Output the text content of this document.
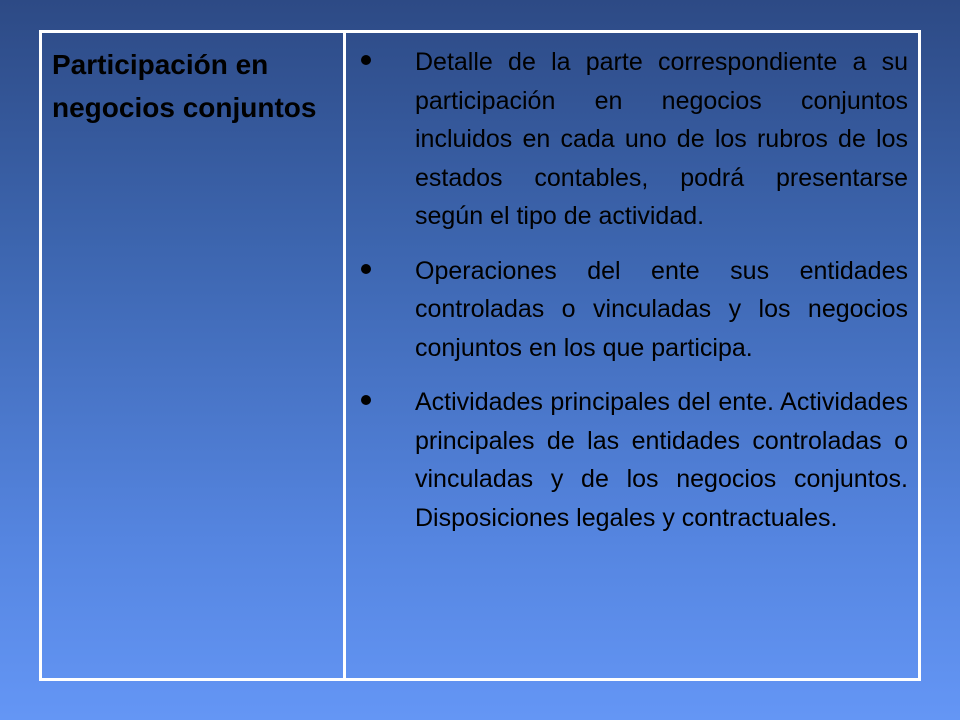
Participación en negocios conjuntos

Detalle de la parte correspondiente a su participación en negocios conjuntos incluidos en cada uno de los rubros de los estados contables, podrá presentarse según el tipo de actividad.

Operaciones del ente sus entidades controladas o vinculadas y los negocios conjuntos en los que participa.

Actividades principales del ente. Actividades principales de las entidades controladas o vinculadas y de los negocios conjuntos. Disposiciones legales y contractuales.
